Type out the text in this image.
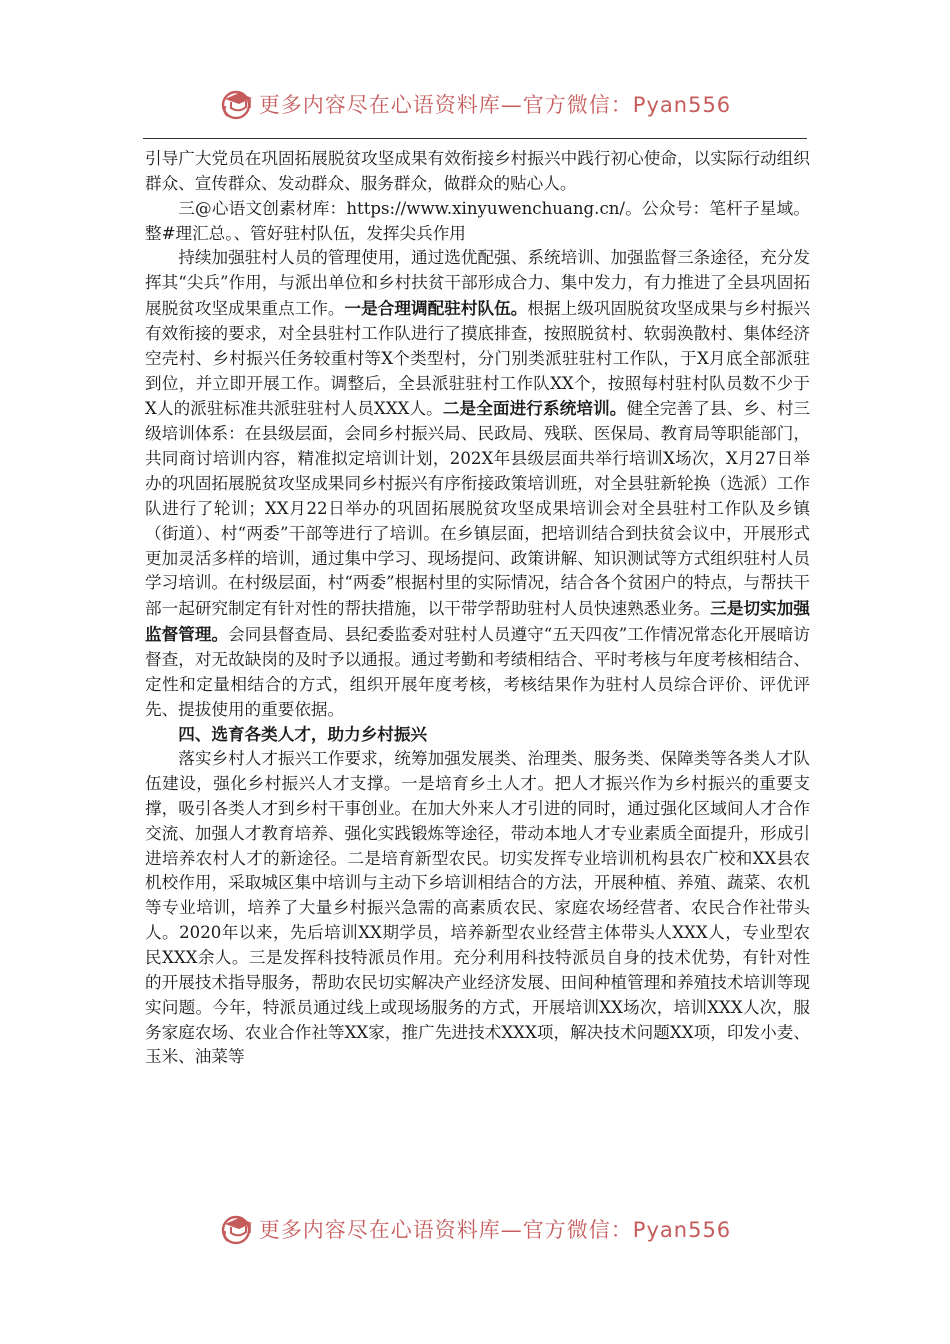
更多内容尽在心语资料库—官方微信：Pyan556

引导广大党员在巩固拓展脱贫攻坚成果有效衔接乡村振兴中践行初心使命，以实际行动组织群众、宣传群众、发动群众、服务群众，做群众的贴心人。

三@心语文创素材库：https://www.xinyuwenchuang.cn/。公众号：笔杆子星域。整#理汇总。、管好驻村队伍，发挥尖兵作用

持续加强驻村人员的管理使用，通过选优配强、系统培训、加强监督三条途径，充分发挥其“尖兵”作用，与派出单位和乡村扶贫干部形成合力、集中发力，有力推进了全县巩固拓展脱贫攻坚成果重点工作。一是合理调配驻村队伍。根据上级巩固脱贫攻坚成果与乡村振兴有效衔接的要求，对全县驻村工作队进行了摸底排查，按照脱贫村、软弱涣散村、集体经济空壳村、乡村振兴任务较重村等X个类型村，分门别类派驻驻村工作队，于X月底全部派驻到位，并立即开展工作。调整后，全县派驻驻村工作队XX个，按照每村驻村队员数不少于X人的派驻标准共派驻驻村人员XXX人。二是全面进行系统培训。健全完善了县、乡、村三级培训体系：在县级层面，会同乡村振兴局、民政局、残联、医保局、教育局等职能部门，共同商讨培训内容，精准拟定培训计划，202X年县级层面共举行培训X场次，X月27日举办的巩固拓展脱贫攻坚成果同乡村振兴有序衔接政策培训班，对全县驻新轮换（选派）工作队进行了轮训；XX月22日举办的巩固拓展脱贫攻坚成果培训会对全县驻村工作队及乡镇（街道）、村“两委”干部等进行了培训。在乡镇层面，把培训结合到扶贫会议中，开展形式更加灵活多样的培训，通过集中学习、现场提问、政策讲解、知识测试等方式组织驻村人员学习培训。在村级层面，村“两委”根据村里的实际情况，结合各个贫困户的特点，与帮扶干部一起研究制定有针对性的帮扶措施，以干带学帮助驻村人员快速熟悉业务。三是切实加强监督管理。会同县督查局、县纪委监委对驻村人员遵守“五天四夜”工作情况常态化开展暗访督查，对无故缺岗的及时予以通报。通过考勤和考绩相结合、平时考核与年度考核相结合、定性和定量相结合的方式，组织开展年度考核，考核结果作为驻村人员综合评价、评优评先、提拔使用的重要依据。

四、选育各类人才，助力乡村振兴

落实乡村人才振兴工作要求，统筹加强发展类、治理类、服务类、保障类等各类人才队伍建设，强化乡村振兴人才支撑。一是培育乡土人才。把人才振兴作为乡村振兴的重要支撑，吸引各类人才到乡村干事创业。在加大外来人才引进的同时，通过强化区域间人才合作交流、加强人才教育培养、强化实践锻炼等途径，带动本地人才专业素质全面提升，形成引进培养农村人才的新途径。二是培育新型农民。切实发挥专业培训机构县农广校和XX县农机校作用，采取城区集中培训与主动下乡培训相结合的方法，开展种植、养殖、蔬菜、农机等专业培训，培养了大量乡村振兴急需的高素质农民、家庭农场经营者、农民合作社带头人。2020年以来，先后培训XX期学员，培养新型农业经营主体带头人XXX人，专业型农民XXX余人。三是发挥科技特派员作用。充分利用科技特派员自身的技术优势，有针对性的开展技术指导服务，帮助农民切实解决产业经济发展、田间种植管理和养殖技术培训等现实问题。今年，特派员通过线上或现场服务的方式，开展培训XX场次，培训XXX人次，服务家庭农场、农业合作社等XX家，推广先进技术XXX项，解决技术问题XX项，印发小麦、玉米、油菜等

更多内容尽在心语资料库—官方微信：Pyan556
